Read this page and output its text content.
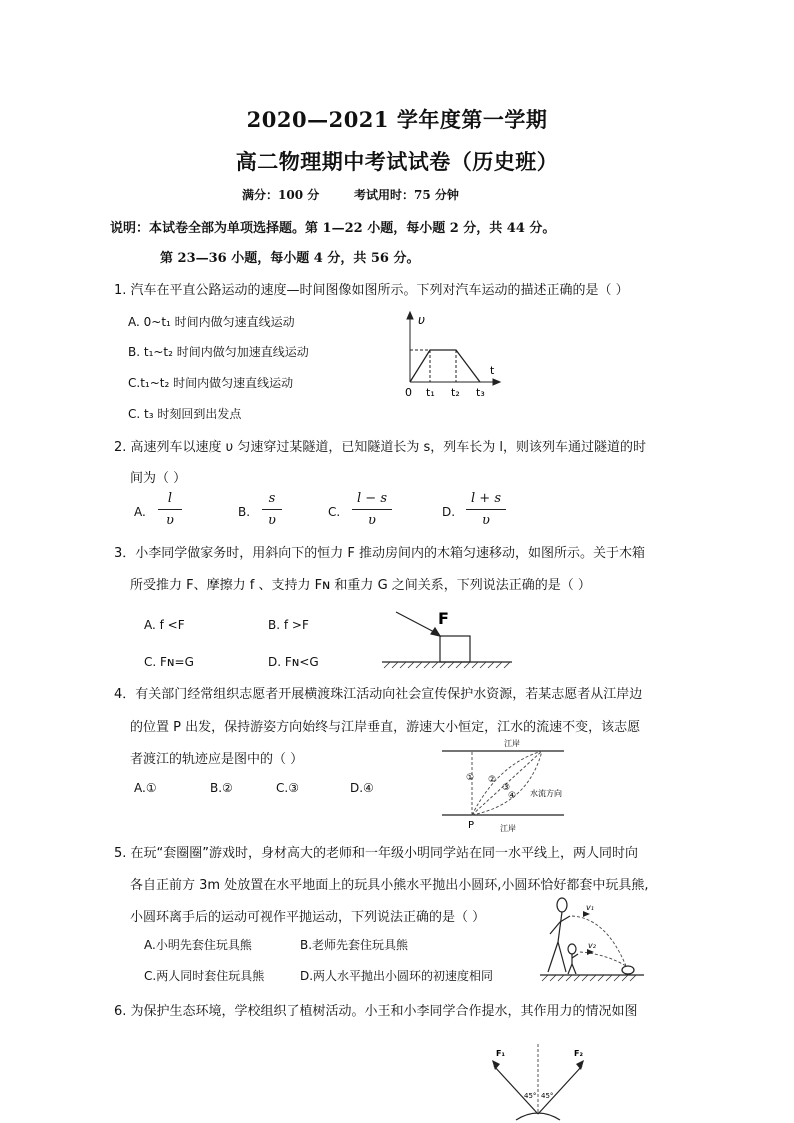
2020—2021 学年度第一学期
高二物理期中考试试卷（历史班）
满分：100 分	考试用时：75 分钟
说明：本试卷全部为单项选择题。第 1—22 小题，每小题 2 分，共 44 分。
第 23—36 小题，每小题 4 分，共 56 分。
1. 汽车在平直公路运动的速度—时间图像如图所示。下列对汽车运动的描述正确的是（ ）
A. 0~t₁ 时间内做匀速直线运动
B. t₁~t₂ 时间内做匀加速直线运动
C.t₁~t₂ 时间内做匀速直线运动
C. t₃ 时刻回到出发点
υ
t
0 t₁ t₂ t₃
2. 高速列车以速度 υ 匀速穿过某隧道，已知隧道长为 s，列车长为 l，则该列车通过隧道的时
间为（ ）
A.
l
υ
B.
s
υ
C.
l − s
υ
D.
l + s
υ
3．小李同学做家务时，用斜向下的恒力 F 推动房间内的木箱匀速移动，如图所示。关于木箱
所受推力 F、摩擦力 f 、支持力 Fɴ 和重力 G 之间关系，下列说法正确的是（ ）
A. f <F	B. f >F
C. Fɴ=G	D. Fɴ<G
F
4．有关部门经常组织志愿者开展横渡珠江活动向社会宣传保护水资源，若某志愿者从江岸边
的位置 P 出发，保持游姿方向始终与江岸垂直，游速大小恒定，江水的流速不变，该志愿
者渡江的轨迹应是图中的（ ）
A.①	B.②	C.③	D.④
江岸
江岸
水流方向
P
① ②
③
④
5. 在玩“套圈圈”游戏时，身材高大的老师和一年级小明同学站在同一水平线上，两人同时向
各自正前方 3m 处放置在水平地面上的玩具小熊水平抛出小圆环,小圆环恰好都套中玩具熊,
小圆环离手后的运动可视作平抛运动，下列说法正确的是（ ）
A.小明先套住玩具熊	B.老师先套住玩具熊
C.两人同时套住玩具熊	D.两人水平抛出小圆环的初速度相同
v₁
v₂
6. 为保护生态环境，学校组织了植树活动。小王和小李同学合作提水，其作用力的情况如图
F₁	F₂
45° 45°
